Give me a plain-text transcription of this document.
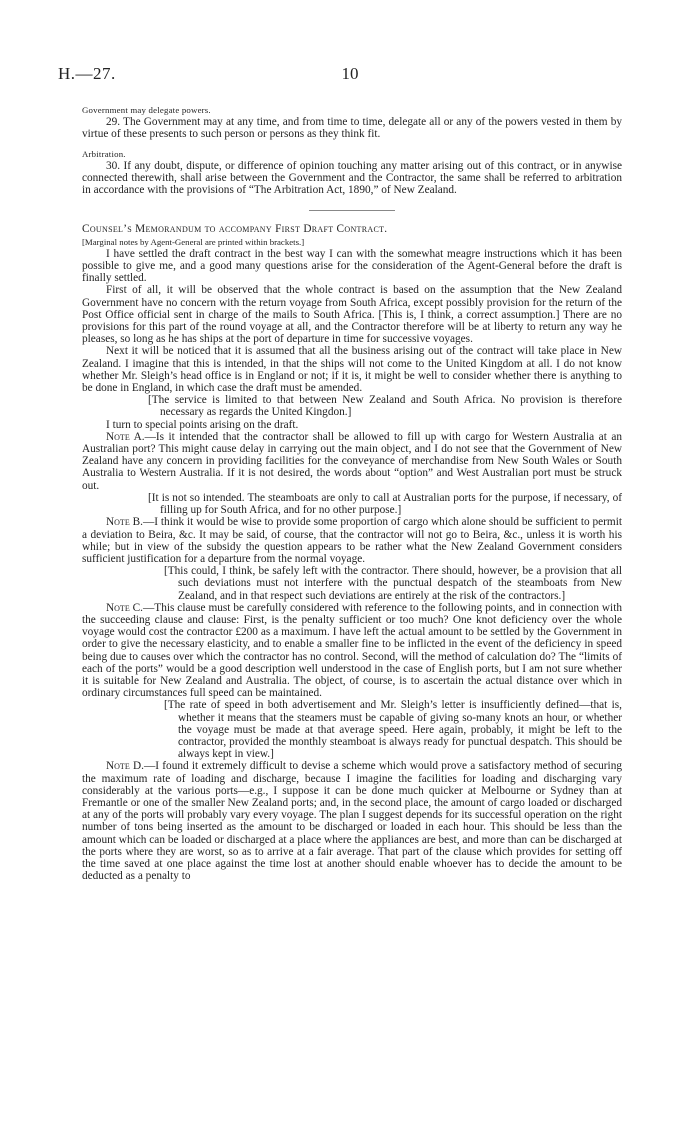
H.—27.	10

Government may delegate powers.

29. The Government may at any time, and from time to time, delegate all or any of the powers vested in them by virtue of these presents to such person or persons as they think fit.

Arbitration.

30. If any doubt, dispute, or difference of opinion touching any matter arising out of this contract, or in anywise connected therewith, shall arise between the Government and the Contractor, the same shall be referred to arbitration in accordance with the provisions of “The Arbitration Act, 1890,” of New Zealand.

Counsel’s Memorandum to accompany First Draft Contract.

[Marginal notes by Agent-General are printed within brackets.]

I have settled the draft contract in the best way I can with the somewhat meagre instructions which it has been possible to give me, and a good many questions arise for the consideration of the Agent-General before the draft is finally settled.

First of all, it will be observed that the whole contract is based on the assumption that the New Zealand Government have no concern with the return voyage from South Africa, except possibly provision for the return of the Post Office official sent in charge of the mails to South Africa. [This is, I think, a correct assumption.] There are no provisions for this part of the round voyage at all, and the Contractor therefore will be at liberty to return any way he pleases, so long as he has ships at the port of departure in time for successive voyages.

Next it will be noticed that it is assumed that all the business arising out of the contract will take place in New Zealand. I imagine that this is intended, in that the ships will not come to the United Kingdom at all. I do not know whether Mr. Sleigh’s head office is in England or not; if it is, it might be well to consider whether there is anything to be done in England, in which case the draft must be amended.

[The service is limited to that between New Zealand and South Africa. No provision is therefore necessary as regards the United Kingdon.]

I turn to special points arising on the draft.

Note A.—Is it intended that the contractor shall be allowed to fill up with cargo for Western Australia at an Australian port? This might cause delay in carrying out the main object, and I do not see that the Government of New Zealand have any concern in providing facilities for the conveyance of merchandise from New South Wales or South Australia to Western Australia. If it is not desired, the words about “option” and West Australian port must be struck out.

[It is not so intended. The steamboats are only to call at Australian ports for the purpose, if necessary, of filling up for South Africa, and for no other purpose.]

Note B.—I think it would be wise to provide some proportion of cargo which alone should be sufficient to permit a deviation to Beira, &c. It may be said, of course, that the contractor will not go to Beira, &c., unless it is worth his while; but in view of the subsidy the question appears to be rather what the New Zealand Government considers sufficient justification for a departure from the normal voyage.

[This could, I think, be safely left with the contractor. There should, however, be a provision that all such deviations must not interfere with the punctual despatch of the steamboats from New Zealand, and in that respect such deviations are entirely at the risk of the contractors.]

Note C.—This clause must be carefully considered with reference to the following points, and in connection with the succeeding clause and clause: First, is the penalty sufficient or too much? One knot deficiency over the whole voyage would cost the contractor £200 as a maximum. I have left the actual amount to be settled by the Government in order to give the necessary elasticity, and to enable a smaller fine to be inflicted in the event of the deficiency in speed being due to causes over which the contractor has no control. Second, will the method of calculation do? The “limits of each of the ports” would be a good description well understood in the case of English ports, but I am not sure whether it is suitable for New Zealand and Australia. The object, of course, is to ascertain the actual distance over which in ordinary circumstances full speed can be maintained.

[The rate of speed in both advertisement and Mr. Sleigh’s letter is insufficiently defined—that is, whether it means that the steamers must be capable of giving so-many knots an hour, or whether the voyage must be made at that average speed. Here again, probably, it might be left to the contractor, provided the monthly steamboat is always ready for punctual despatch. This should be always kept in view.]

Note D.—I found it extremely difficult to devise a scheme which would prove a satisfactory method of securing the maximum rate of loading and discharge, because I imagine the facilities for loading and discharging vary considerably at the various ports—e.g., I suppose it can be done much quicker at Melbourne or Sydney than at Fremantle or one of the smaller New Zealand ports; and, in the second place, the amount of cargo loaded or discharged at any of the ports will probably vary every voyage. The plan I suggest depends for its successful operation on the right number of tons being inserted as the amount to be discharged or loaded in each hour. This should be less than the amount which can be loaded or discharged at a place where the appliances are best, and more than can be discharged at the ports where they are worst, so as to arrive at a fair average. That part of the clause which provides for setting off the time saved at one place against the time lost at another should enable whoever has to decide the amount to be deducted as a penalty to
